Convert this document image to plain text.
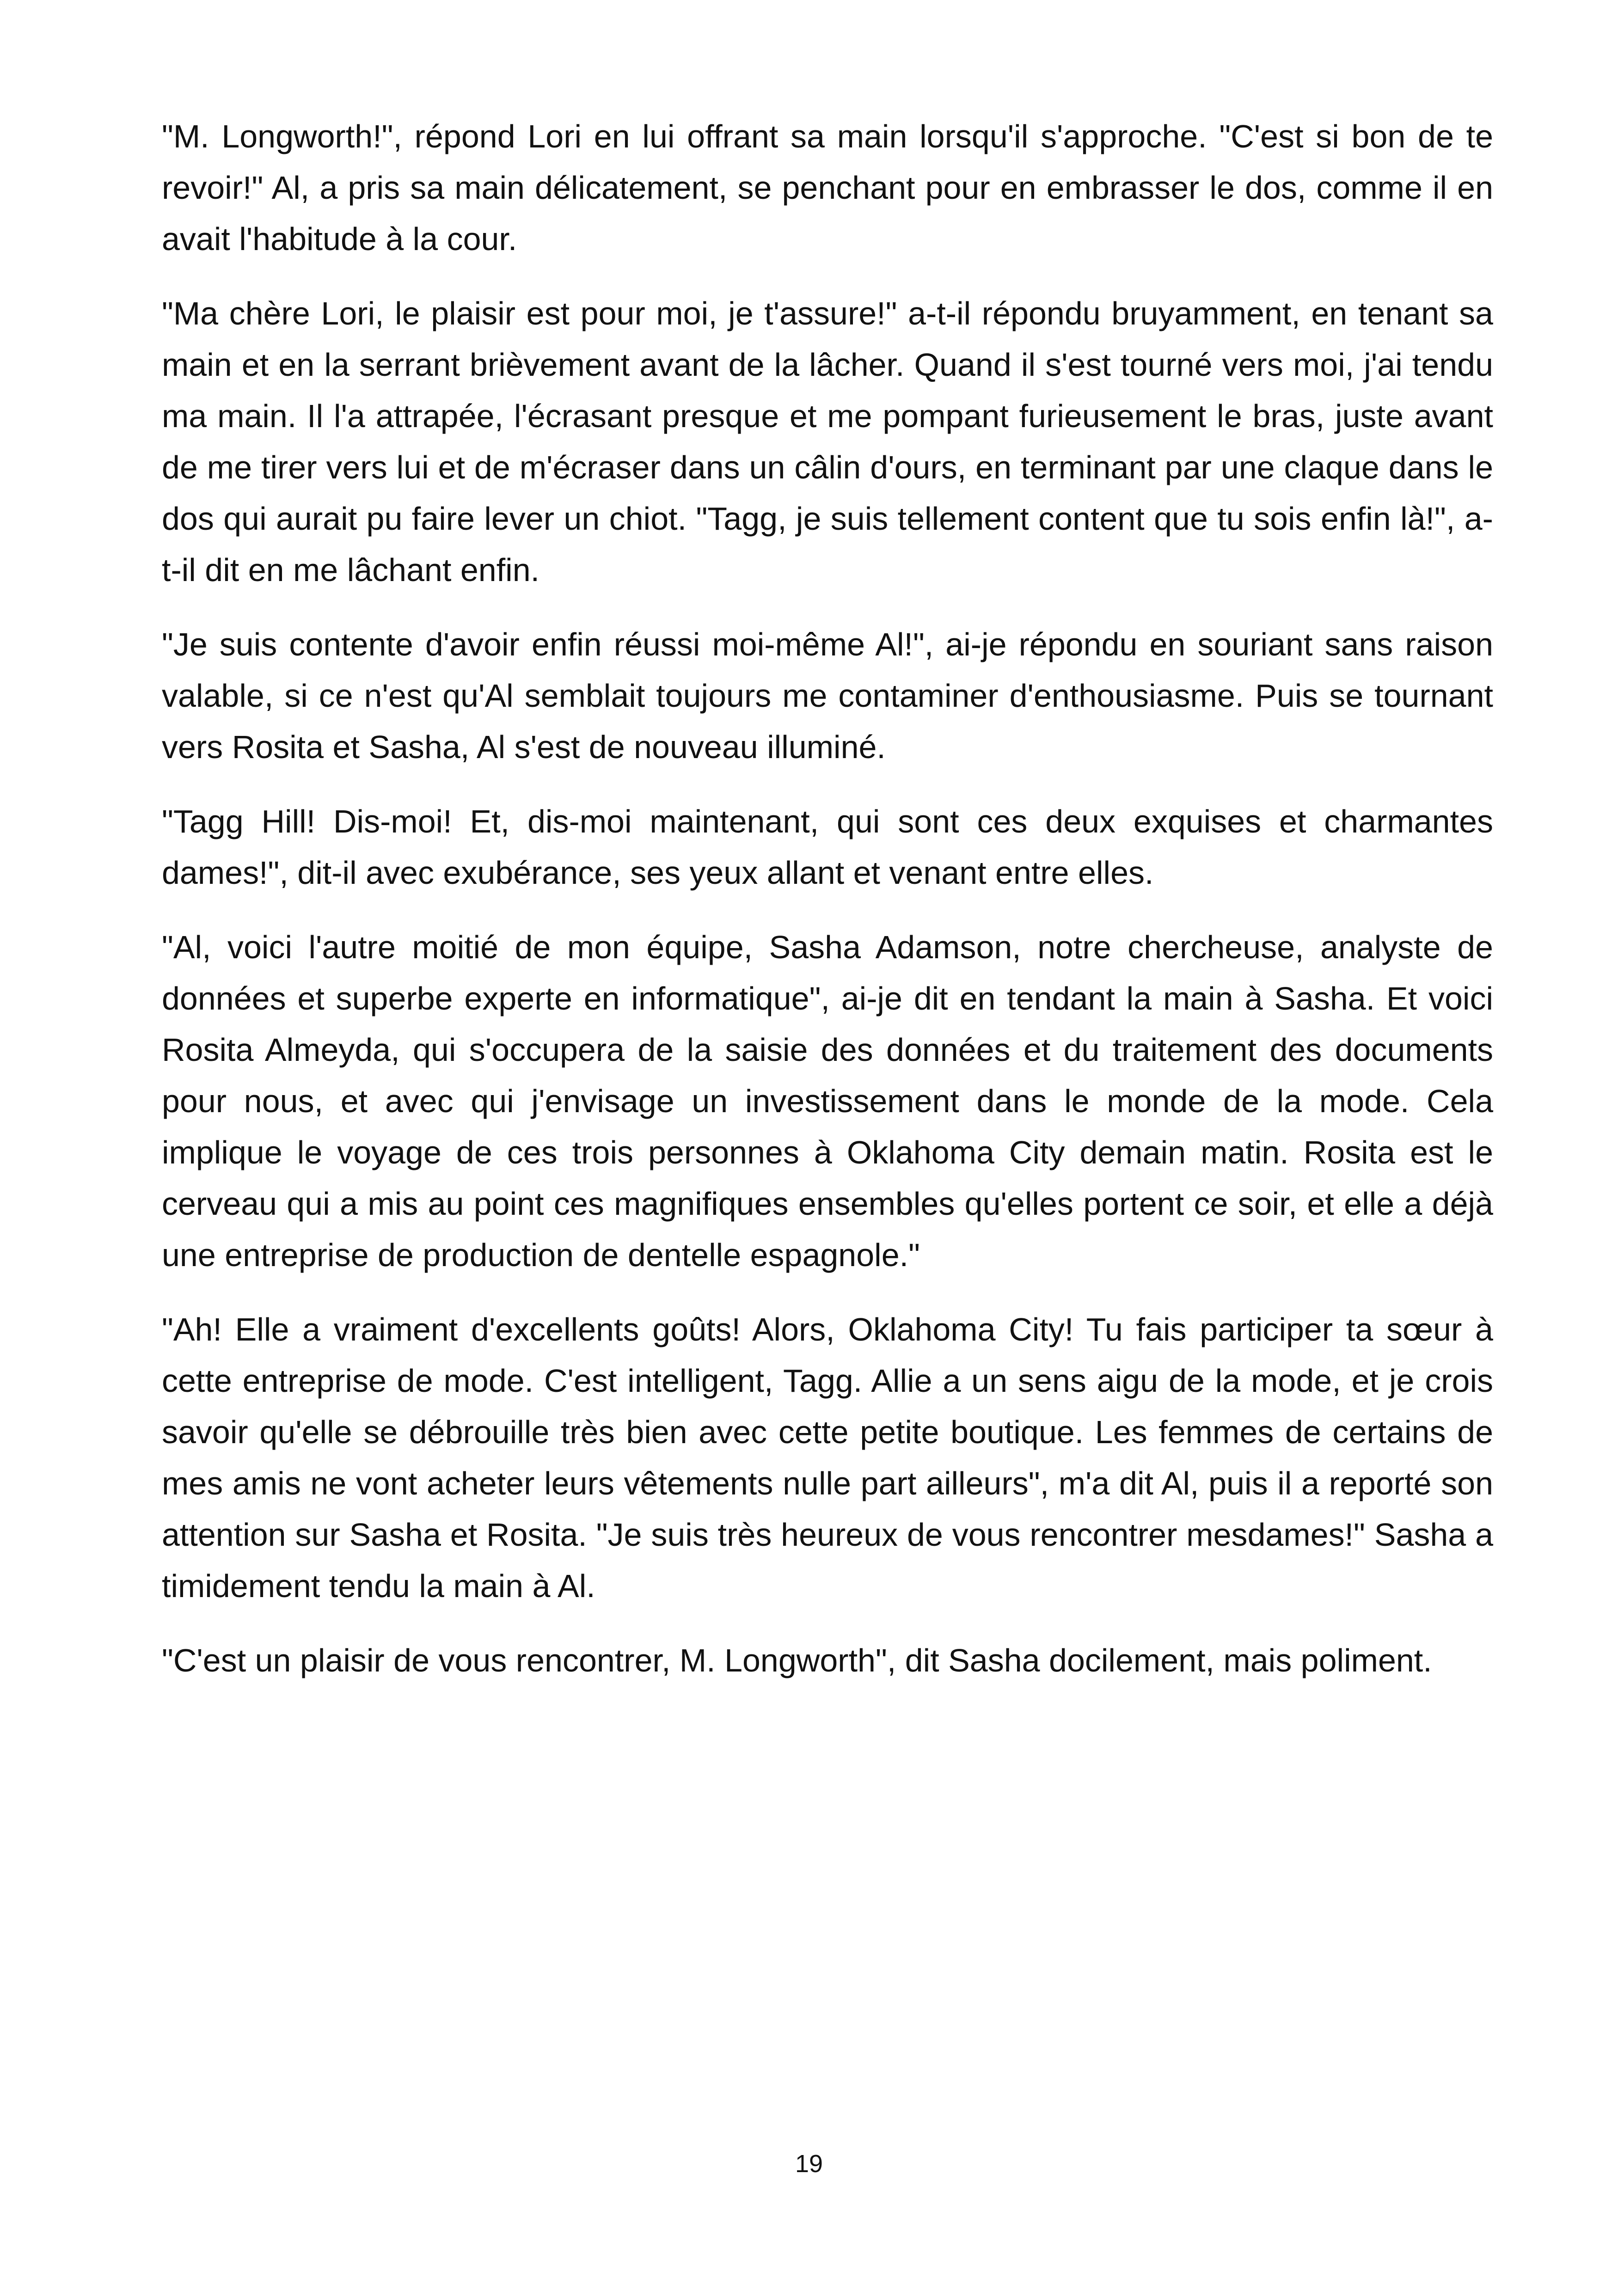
"M. Longworth!", répond Lori en lui offrant sa main lorsqu'il s'approche. "C'est si bon de te revoir!" Al, a pris sa main délicatement, se penchant pour en embrasser le dos, comme il en avait l'habitude à la cour.

"Ma chère Lori, le plaisir est pour moi, je t'assure!" a-t-il répondu bruyamment, en tenant sa main et en la serrant brièvement avant de la lâcher. Quand il s'est tourné vers moi, j'ai tendu ma main. Il l'a attrapée, l'écrasant presque et me pompant furieusement le bras, juste avant de me tirer vers lui et de m'écraser dans un câlin d'ours, en terminant par une claque dans le dos qui aurait pu faire lever un chiot. "Tagg, je suis tellement content que tu sois enfin là!", a-t-il dit en me lâchant enfin.

"Je suis contente d'avoir enfin réussi moi-même Al!", ai-je répondu en souriant sans raison valable, si ce n'est qu'Al semblait toujours me contaminer d'enthousiasme. Puis se tournant vers Rosita et Sasha, Al s'est de nouveau illuminé.

"Tagg Hill! Dis-moi! Et, dis-moi maintenant, qui sont ces deux exquises et charmantes dames!", dit-il avec exubérance, ses yeux allant et venant entre elles.

"Al, voici l'autre moitié de mon équipe, Sasha Adamson, notre chercheuse, analyste de données et superbe experte en informatique", ai-je dit en tendant la main à Sasha. Et voici Rosita Almeyda, qui s'occupera de la saisie des données et du traitement des documents pour nous, et avec qui j'envisage un investissement dans le monde de la mode. Cela implique le voyage de ces trois personnes à Oklahoma City demain matin. Rosita est le cerveau qui a mis au point ces magnifiques ensembles qu'elles portent ce soir, et elle a déjà une entreprise de production de dentelle espagnole."

"Ah! Elle a vraiment d'excellents goûts! Alors, Oklahoma City! Tu fais participer ta sœur à cette entreprise de mode. C'est intelligent, Tagg. Allie a un sens aigu de la mode, et je crois savoir qu'elle se débrouille très bien avec cette petite boutique. Les femmes de certains de mes amis ne vont acheter leurs vêtements nulle part ailleurs", m'a dit Al, puis il a reporté son attention sur Sasha et Rosita. "Je suis très heureux de vous rencontrer mesdames!" Sasha a timidement tendu la main à Al.

"C'est un plaisir de vous rencontrer, M. Longworth", dit Sasha docilement, mais poliment.

19
